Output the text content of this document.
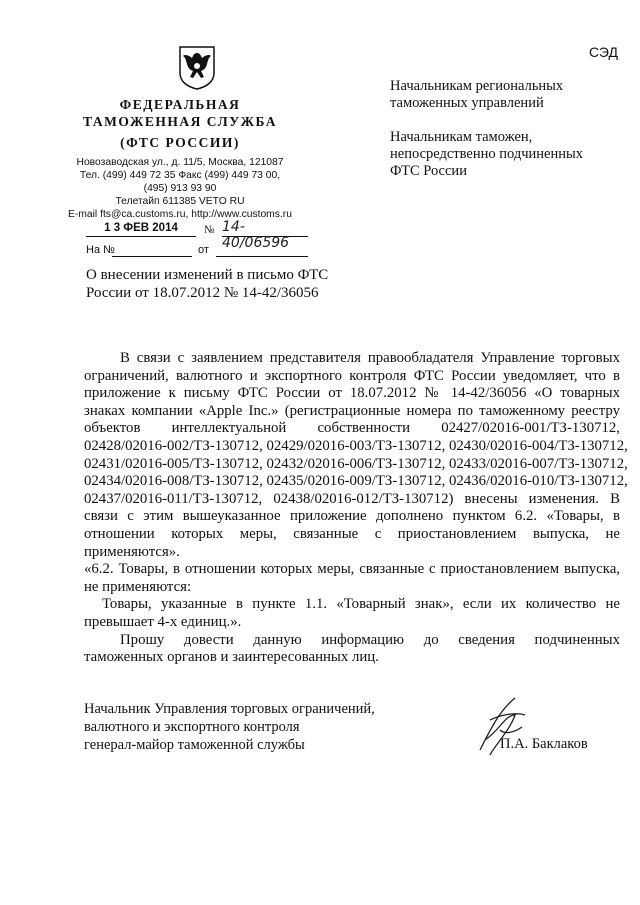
ФЕДЕРАЛЬНАЯ
ТАМОЖЕННАЯ СЛУЖБА
(ФТС РОССИИ)
Новозаводская ул., д. 11/5, Москва, 121087
Тел. (499) 449 72 35 Факс (499) 449 73 00,
(495) 913 93 90
Телетайп 611385 VETO RU
E-mail fts@ca.customs.ru, http://www.customs.ru
1 3 ФЕВ 2014	№ 14-40/06596
На №	от
СЭД
Начальникам региональных
таможенных управлений
Начальникам таможен,
непосредственно подчиненных
ФТС России
О внесении изменений в письмо ФТС
России от 18.07.2012 № 14-42/36056
В связи с заявлением представителя правообладателя Управление торговых
ограничений, валютного и экспортного контроля ФТС России уведомляет, что в
приложение к письму ФТС России от 18.07.2012 № 14-42/36056 «О товарных
знаках компании «Apple Inc.» (регистрационные номера по таможенному реестру
объектов интеллектуальной собственности 02427/02016-001/ТЗ-130712,
02428/02016-002/ТЗ-130712, 02429/02016-003/ТЗ-130712, 02430/02016-004/ТЗ-130712,
02431/02016-005/ТЗ-130712, 02432/02016-006/ТЗ-130712, 02433/02016-007/ТЗ-130712,
02434/02016-008/ТЗ-130712, 02435/02016-009/ТЗ-130712, 02436/02016-010/ТЗ-130712,
02437/02016-011/ТЗ-130712, 02438/02016-012/ТЗ-130712) внесены изменения. В
связи с этим вышеуказанное приложение дополнено пунктом 6.2. «Товары, в
отношении которых меры, связанные с приостановлением выпуска, не
применяются».
«6.2. Товары, в отношении которых меры, связанные с приостановлением выпуска,
не применяются:
Товары, указанные в пункте 1.1. «Товарный знак», если их количество не
превышает 4-х единиц.».
Прошу довести данную информацию до сведения подчиненных
таможенных органов и заинтересованных лиц.
Начальник Управления торговых ограничений,
валютного и экспортного контроля
генерал-майор таможенной службы	П.А. Баклаков
